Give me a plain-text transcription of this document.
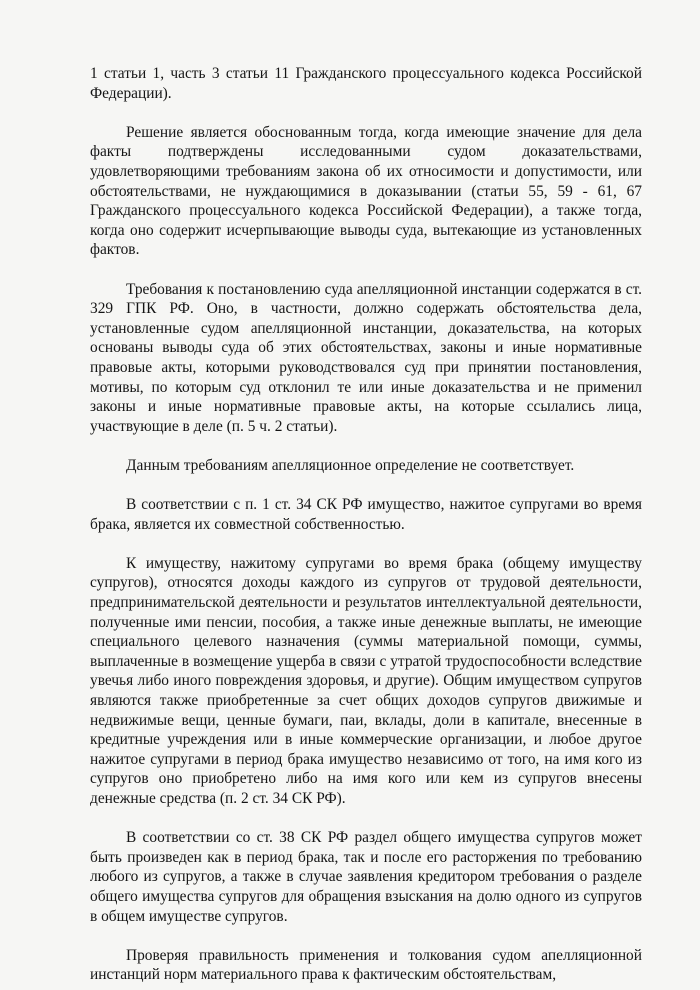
1 статьи 1, часть 3 статьи 11 Гражданского процессуального кодекса Российской Федерации).

Решение является обоснованным тогда, когда имеющие значение для дела факты подтверждены исследованными судом доказательствами, удовлетворяющими требованиям закона об их относимости и допустимости, или обстоятельствами, не нуждающимися в доказывании (статьи 55, 59 - 61, 67 Гражданского процессуального кодекса Российской Федерации), а также тогда, когда оно содержит исчерпывающие выводы суда, вытекающие из установленных фактов.

Требования к постановлению суда апелляционной инстанции содержатся в ст. 329 ГПК РФ. Оно, в частности, должно содержать обстоятельства дела, установленные судом апелляционной инстанции, доказательства, на которых основаны выводы суда об этих обстоятельствах, законы и иные нормативные правовые акты, которыми руководствовался суд при принятии постановления, мотивы, по которым суд отклонил те или иные доказательства и не применил законы и иные нормативные правовые акты, на которые ссылались лица, участвующие в деле (п. 5 ч. 2 статьи).

Данным требованиям апелляционное определение не соответствует.

В соответствии с п. 1 ст. 34 СК РФ имущество, нажитое супругами во время брака, является их совместной собственностью.

К имуществу, нажитому супругами во время брака (общему имуществу супругов), относятся доходы каждого из супругов от трудовой деятельности, предпринимательской деятельности и результатов интеллектуальной деятельности, полученные ими пенсии, пособия, а также иные денежные выплаты, не имеющие специального целевого назначения (суммы материальной помощи, суммы, выплаченные в возмещение ущерба в связи с утратой трудоспособности вследствие увечья либо иного повреждения здоровья, и другие). Общим имуществом супругов являются также приобретенные за счет общих доходов супругов движимые и недвижимые вещи, ценные бумаги, паи, вклады, доли в капитале, внесенные в кредитные учреждения или в иные коммерческие организации, и любое другое нажитое супругами в период брака имущество независимо от того, на имя кого из супругов оно приобретено либо на имя кого или кем из супругов внесены денежные средства (п. 2 ст. 34 СК РФ).

В соответствии со ст. 38 СК РФ раздел общего имущества супругов может быть произведен как в период брака, так и после его расторжения по требованию любого из супругов, а также в случае заявления кредитором требования о разделе общего имущества супругов для обращения взыскания на долю одного из супругов в общем имуществе супругов.

Проверяя правильность применения и толкования судом апелляционной инстанций норм материального права к фактическим обстоятельствам,
